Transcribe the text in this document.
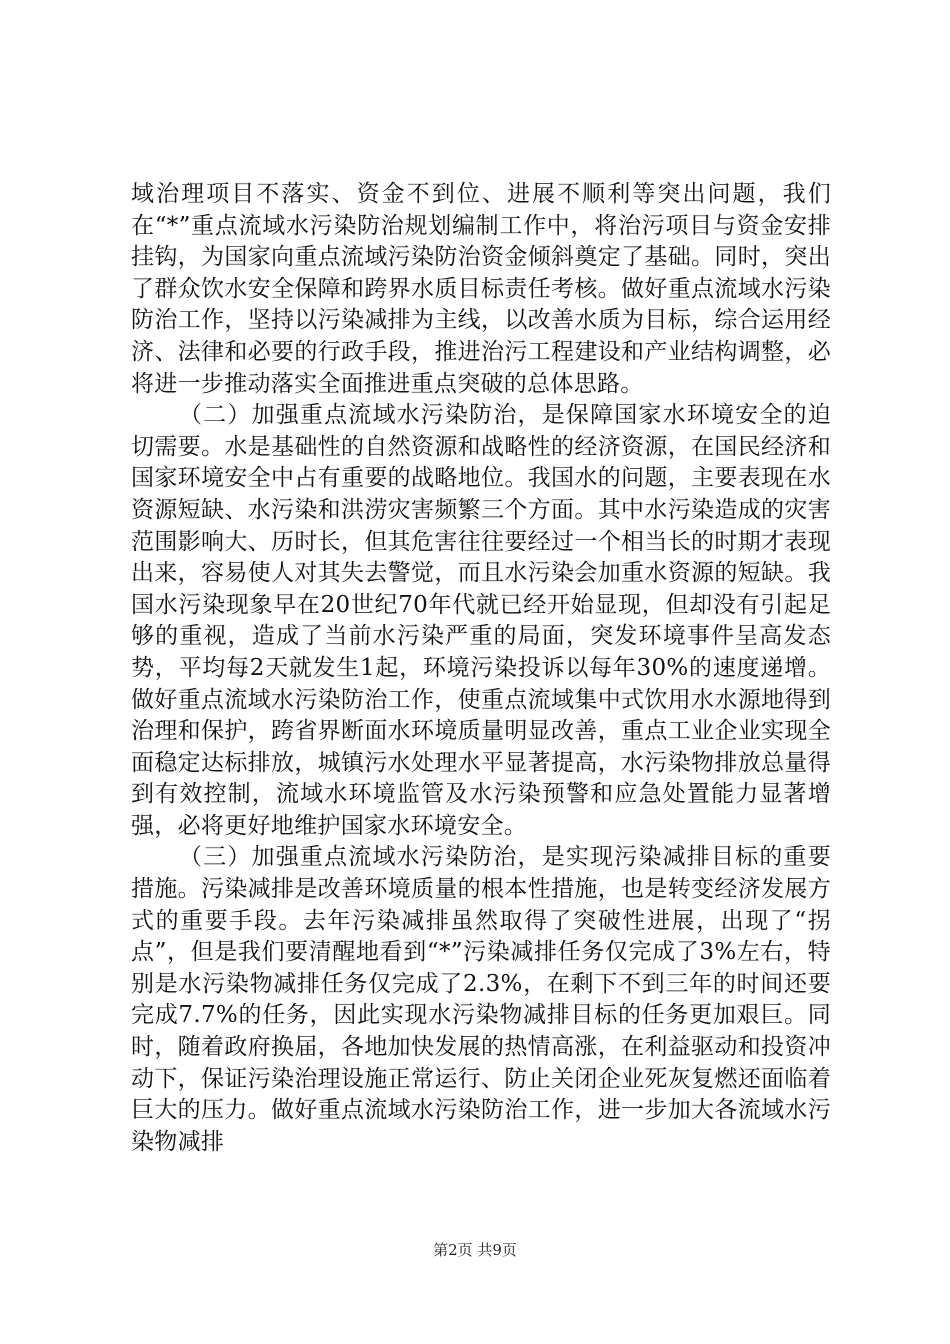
域治理项目不落实、资金不到位、进展不顺利等突出问题，我们在“*”重点流域水污染防治规划编制工作中，将治污项目与资金安排挂钩，为国家向重点流域污染防治资金倾斜奠定了基础。同时，突出了群众饮水安全保障和跨界水质目标责任考核。做好重点流域水污染防治工作，坚持以污染减排为主线，以改善水质为目标，综合运用经济、法律和必要的行政手段，推进治污工程建设和产业结构调整，必将进一步推动落实全面推进重点突破的总体思路。

（二）加强重点流域水污染防治，是保障国家水环境安全的迫切需要。水是基础性的自然资源和战略性的经济资源，在国民经济和国家环境安全中占有重要的战略地位。我国水的问题，主要表现在水资源短缺、水污染和洪涝灾害频繁三个方面。其中水污染造成的灾害范围影响大、历时长，但其危害往往要经过一个相当长的时期才表现出来，容易使人对其失去警觉，而且水污染会加重水资源的短缺。我国水污染现象早在20世纪70年代就已经开始显现，但却没有引起足够的重视，造成了当前水污染严重的局面，突发环境事件呈高发态势，平均每2天就发生1起，环境污染投诉以每年30%的速度递增。做好重点流域水污染防治工作，使重点流域集中式饮用水水源地得到治理和保护，跨省界断面水环境质量明显改善，重点工业企业实现全面稳定达标排放，城镇污水处理水平显著提高，水污染物排放总量得到有效控制，流域水环境监管及水污染预警和应急处置能力显著增强，必将更好地维护国家水环境安全。

（三）加强重点流域水污染防治，是实现污染减排目标的重要措施。污染减排是改善环境质量的根本性措施，也是转变经济发展方式的重要手段。去年污染减排虽然取得了突破性进展，出现了“拐点”，但是我们要清醒地看到“*”污染减排任务仅完成了3%左右，特别是水污染物减排任务仅完成了2.3%，在剩下不到三年的时间还要完成7.7%的任务，因此实现水污染物减排目标的任务更加艰巨。同时，随着政府换届，各地加快发展的热情高涨，在利益驱动和投资冲动下，保证污染治理设施正常运行、防止关闭企业死灰复燃还面临着巨大的压力。做好重点流域水污染防治工作，进一步加大各流域水污染物减排

第2页 共9页
